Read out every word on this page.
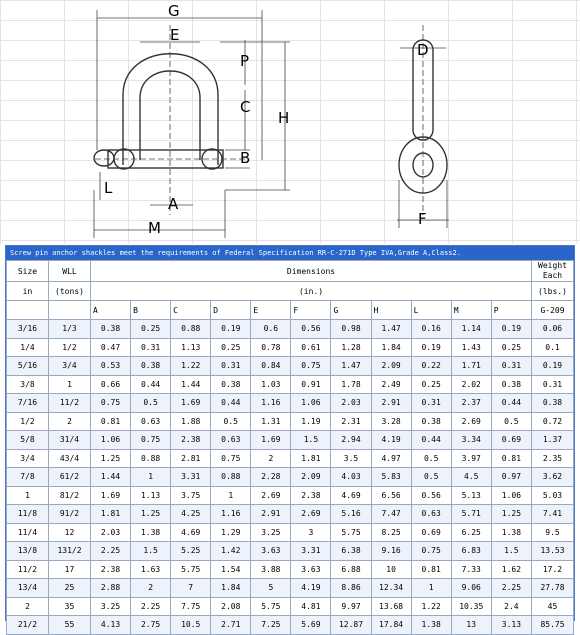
G
E
P
C
H
B
L
A
M
D
F
Screw pin anchor shackles meet the requirements of Federal Specification RR-C-271D Type IVA,Grade A,Class2.
Size	WLL	Dimensions											Weight Each
in	(tons)	(in.)											(lbs.)
		A	B	C	D	E	F	G	H	L	M	P	G-209
3/16	1/3	0.38	0.25	0.88	0.19	0.6	0.56	0.98	1.47	0.16	1.14	0.19	0.06
1/4	1/2	0.47	0.31	1.13	0.25	0.78	0.61	1.28	1.84	0.19	1.43	0.25	0.1
5/16	3/4	0.53	0.38	1.22	0.31	0.84	0.75	1.47	2.09	0.22	1.71	0.31	0.19
3/8	1	0.66	0.44	1.44	0.38	1.03	0.91	1.78	2.49	0.25	2.02	0.38	0.31
7/16	11/2	0.75	0.5	1.69	0.44	1.16	1.06	2.03	2.91	0.31	2.37	0.44	0.38
1/2	2	0.81	0.63	1.88	0.5	1.31	1.19	2.31	3.28	0.38	2.69	0.5	0.72
5/8	31/4	1.06	0.75	2.38	0.63	1.69	1.5	2.94	4.19	0.44	3.34	0.69	1.37
3/4	43/4	1.25	0.88	2.81	0.75	2	1.81	3.5	4.97	0.5	3.97	0.81	2.35
7/8	61/2	1.44	1	3.31	0.88	2.28	2.09	4.03	5.83	0.5	4.5	0.97	3.62
1	81/2	1.69	1.13	3.75	1	2.69	2.38	4.69	6.56	0.56	5.13	1.06	5.03
11/8	91/2	1.81	1.25	4.25	1.16	2.91	2.69	5.16	7.47	0.63	5.71	1.25	7.41
11/4	12	2.03	1.38	4.69	1.29	3.25	3	5.75	8.25	0.69	6.25	1.38	9.5
13/8	131/2	2.25	1.5	5.25	1.42	3.63	3.31	6.38	9.16	0.75	6.83	1.5	13.53
11/2	17	2.38	1.63	5.75	1.54	3.88	3.63	6.88	10	0.81	7.33	1.62	17.2
13/4	25	2.88	2	7	1.84	5	4.19	8.86	12.34	1	9.06	2.25	27.78
2	35	3.25	2.25	7.75	2.08	5.75	4.81	9.97	13.68	1.22	10.35	2.4	45
21/2	55	4.13	2.75	10.5	2.71	7.25	5.69	12.87	17.84	1.38	13	3.13	85.75
